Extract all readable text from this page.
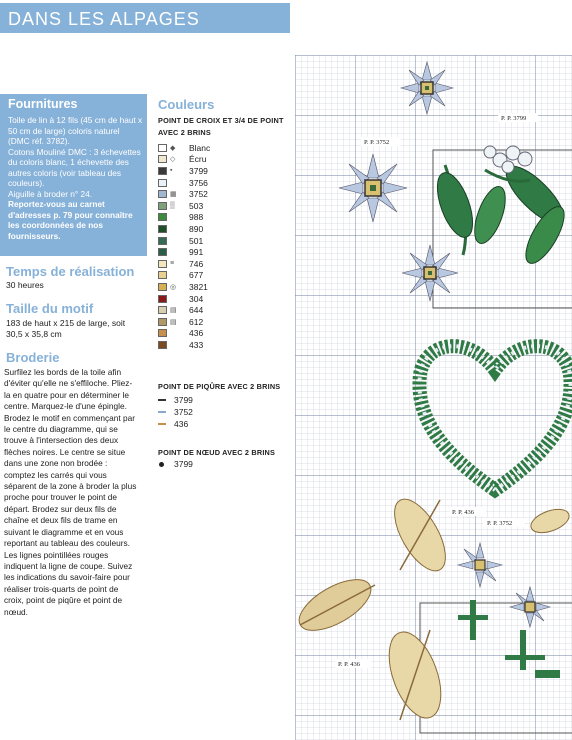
DANS LES ALPAGES
Fournitures
Toile de lin à 12 fils (45 cm de haut x 50 cm de large) coloris naturel (DMC réf. 3782).
Cotons Mouliné DMC : 3 échevettes du coloris blanc, 1 échevette des autres coloris (voir tableau des couleurs).
Aiguille à broder n° 24.
Reportez-vous au carnet d'adresses p. 79 pour connaître les coordonnées de nos fournisseurs.
Temps de réalisation
30 heures
Taille du motif
183 de haut x 215 de large, soit 30,5 x 35,8 cm
Broderie
Surfilez les bords de la toile afin d'éviter qu'elle ne s'effiloche. Pliez-la en quatre pour en déterminer le centre. Marquez-le d'une épingle. Brodez le motif en commençant par le centre du diagramme, qui se trouve à l'intersection des deux flèches noires. Le centre se situe dans une zone non brodée : comptez les carrés qui vous séparent de la zone à broder la plus proche pour trouver le point de départ. Brodez sur deux fils de chaîne et deux fils de trame en suivant le diagramme et en vous reportant au tableau des couleurs. Les lignes pointillées rouges indiquent la ligne de coupe. Suivez les indications du savoir-faire pour réaliser trois-quarts de point de croix, point de piqûre et point de nœud.
Couleurs
POINT DE CROIX ET 3/4 DE POINT
AVEC 2 BRINS
◆	Blanc
◇	Écru
▪	3799
3756
▦	3752
▒	503
988
890
501
991
≡	746
677
◎	3821
304
▤	644
▤	612
436
433
POINT DE PIQÛRE AVEC 2 BRINS
3799
3752
436
POINT DE NŒUD AVEC 2 BRINS
3799
P. P. 3799
P. P. 3752
P. P. 436
P. P. 3752
P. P. 436
